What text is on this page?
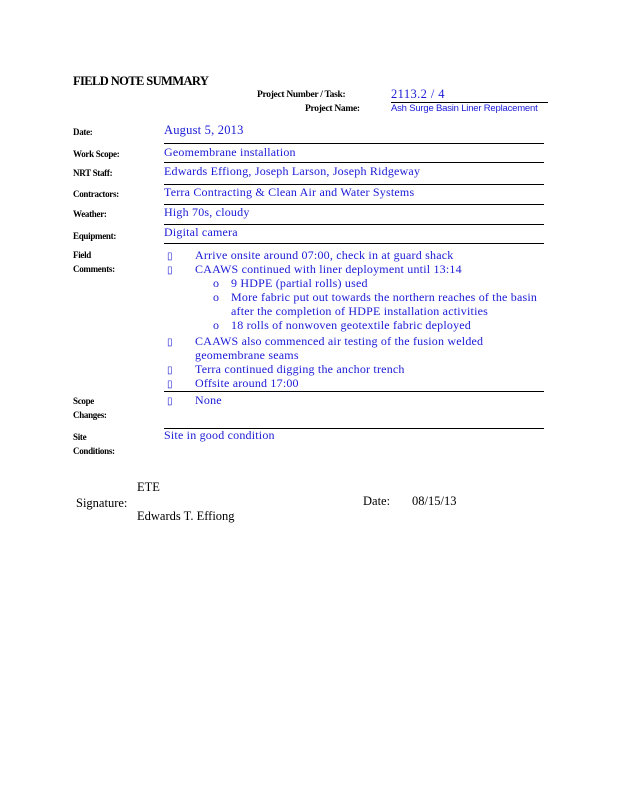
FIELD NOTE SUMMARY
Project Number / Task:	2113.2 / 4
Project Name:	Ash Surge Basin Liner Replacement
Date:	August 5, 2013
Work Scope:	Geomembrane installation
NRT Staff:	Edwards Effiong, Joseph Larson, Joseph Ridgeway
Contractors:	Terra Contracting & Clean Air and Water Systems
Weather:	High 70s, cloudy
Equipment:	Digital camera
Field
Comments:
▯ Arrive onsite around 07:00, check in at guard shack
▯ CAAWS continued with liner deployment until 13:14
o 9 HDPE (partial rolls) used
o More fabric put out towards the northern reaches of the basin
after the completion of HDPE installation activities
o 18 rolls of nonwoven geotextile fabric deployed
▯ CAAWS also commenced air testing of the fusion welded
geomembrane seams
▯ Terra continued digging the anchor trench
▯ Offsite around 17:00
Scope
Changes:
▯ None
Site
Conditions:
Site in good condition
ETE
Signature:
Edwards T. Effiong
Date: 08/15/13
